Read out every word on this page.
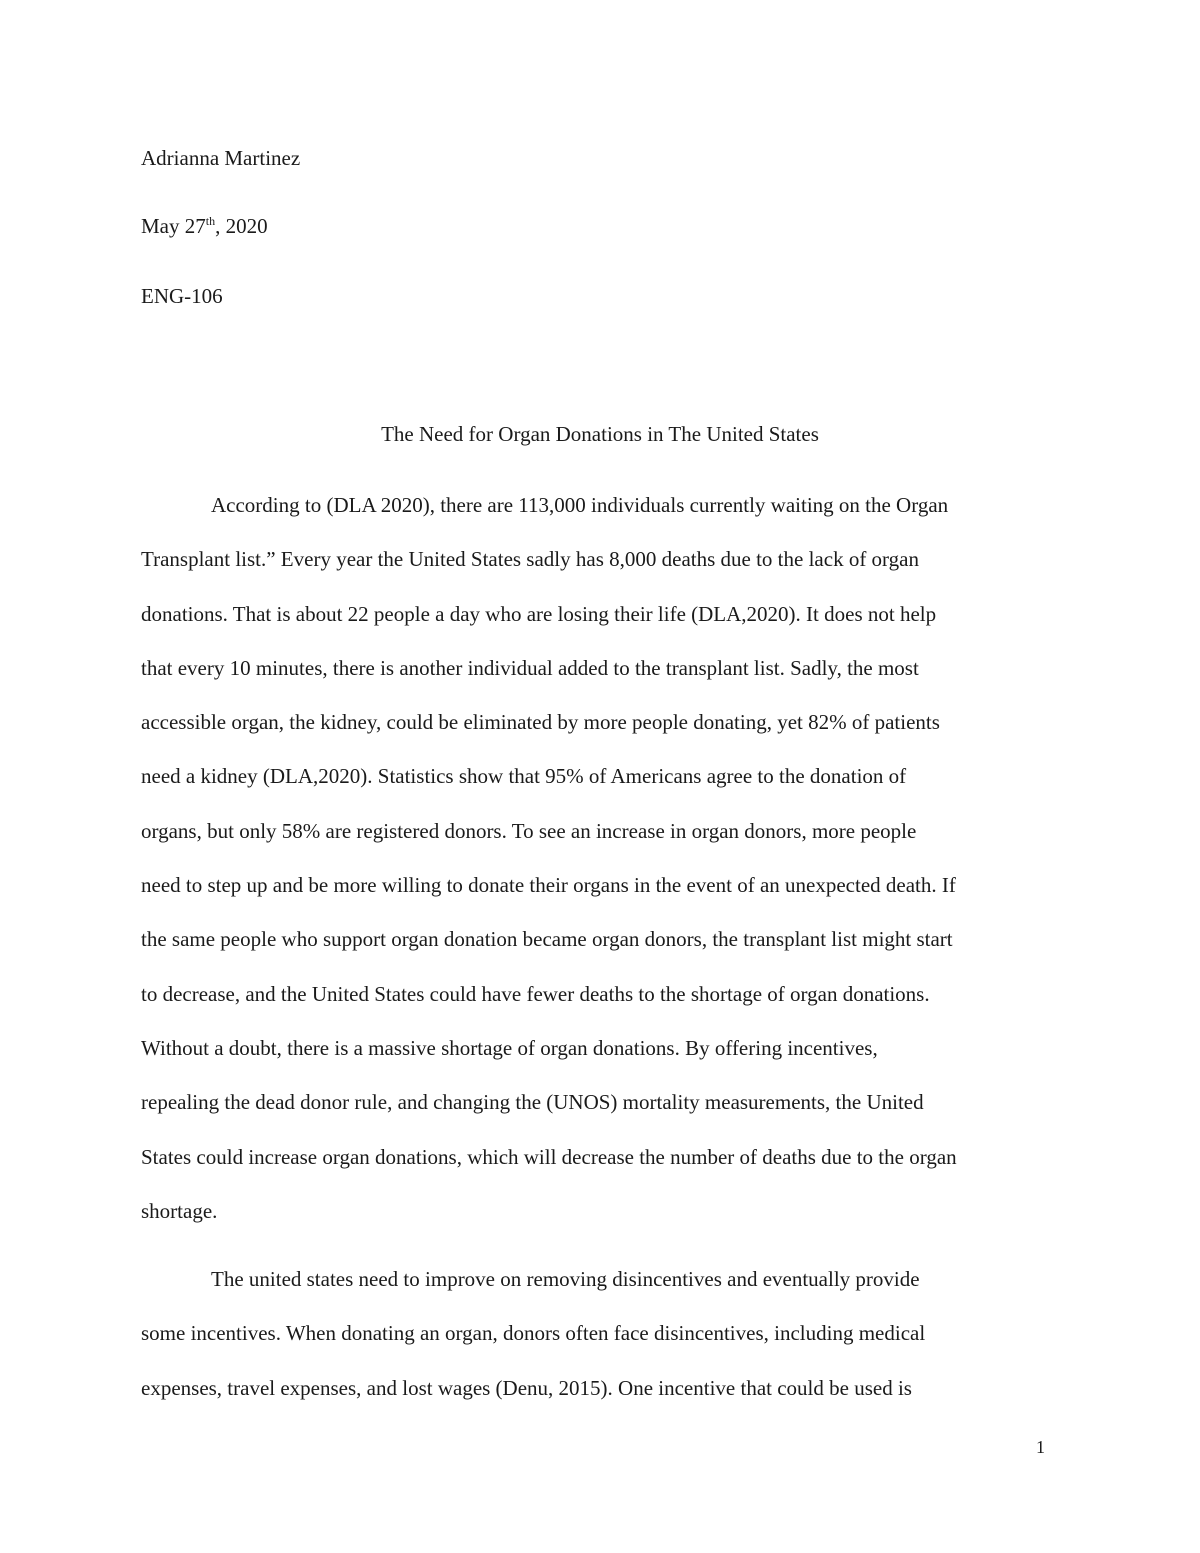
Adrianna Martinez
May 27th, 2020
ENG-106
The Need for Organ Donations in The United States
According to (DLA 2020), there are 113,000 individuals currently waiting on the Organ
Transplant list.” Every year the United States sadly has 8,000 deaths due to the lack of organ
donations. That is about 22 people a day who are losing their life (DLA,2020). It does not help
that every 10 minutes, there is another individual added to the transplant list. Sadly, the most
accessible organ, the kidney, could be eliminated by more people donating, yet 82% of patients
need a kidney (DLA,2020). Statistics show that 95% of Americans agree to the donation of
organs, but only 58% are registered donors. To see an increase in organ donors, more people
need to step up and be more willing to donate their organs in the event of an unexpected death. If
the same people who support organ donation became organ donors, the transplant list might start
to decrease, and the United States could have fewer deaths to the shortage of organ donations.
Without a doubt, there is a massive shortage of organ donations. By offering incentives,
repealing the dead donor rule, and changing the (UNOS) mortality measurements, the United
States could increase organ donations, which will decrease the number of deaths due to the organ
shortage.
The united states need to improve on removing disincentives and eventually provide
some incentives. When donating an organ, donors often face disincentives, including medical
expenses, travel expenses, and lost wages (Denu, 2015). One incentive that could be used is
1
